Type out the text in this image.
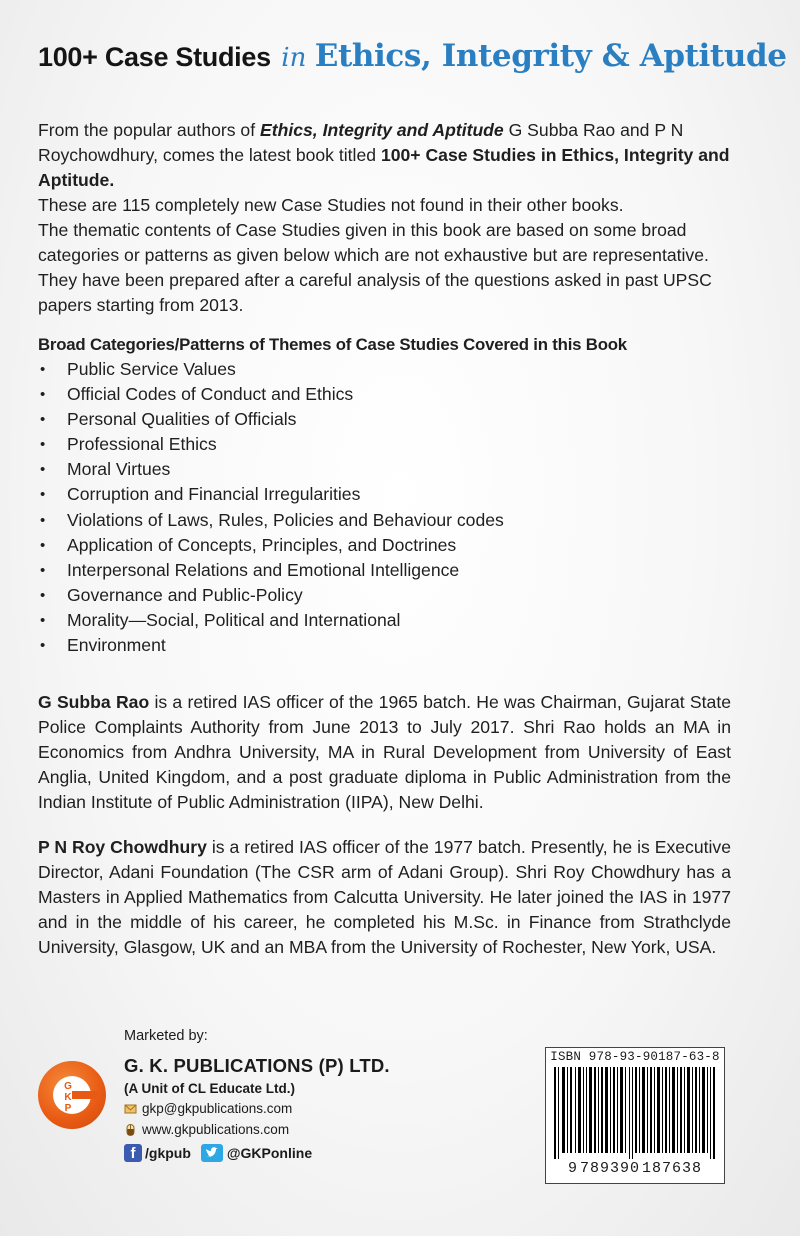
100+ Case Studies in Ethics, Integrity & Aptitude

From the popular authors of Ethics, Integrity and Aptitude G Subba Rao and P N Roychowdhury, comes the latest book titled 100+ Case Studies in Ethics, Integrity and Aptitude.

These are 115 completely new Case Studies not found in their other books.

The thematic contents of Case Studies given in this book are based on some broad categories or patterns as given below which are not exhaustive but are representative. They have been prepared after a careful analysis of the questions asked in past UPSC papers starting from 2013.

Broad Categories/Patterns of Themes of Case Studies Covered in this Book

• Public Service Values
• Official Codes of Conduct and Ethics
• Personal Qualities of Officials
• Professional Ethics
• Moral Virtues
• Corruption and Financial Irregularities
• Violations of Laws, Rules, Policies and Behaviour codes
• Application of Concepts, Principles, and Doctrines
• Interpersonal Relations and Emotional Intelligence
• Governance and Public-Policy
• Morality—Social, Political and International
• Environment
G Subba Rao is a retired IAS officer of the 1965 batch. He was Chairman, Gujarat State Police Complaints Authority from June 2013 to July 2017. Shri Rao holds an MA in Economics from Andhra University, MA in Rural Development from University of East Anglia, United Kingdom, and a post graduate diploma in Public Administration from the Indian Institute of Public Administration (IIPA), New Delhi.
P N Roy Chowdhury is a retired IAS officer of the 1977 batch. Presently, he is Executive Director, Adani Foundation (The CSR arm of Adani Group). Shri Roy Chowdhury has a Masters in Applied Mathematics from Calcutta University. He later joined the IAS in 1977 and in the middle of his career, he completed his M.Sc. in Finance from Strathclyde University, Glasgow, UK and an MBA from the University of Rochester, New York, USA.
Marketed by:
G
K
P
G. K. PUBLICATIONS (P) LTD.
(A Unit of CL Educate Ltd.)
gkp@gkpublications.com
www.gkpublications.com
f /gkpub	@GKPonline
ISBN 978-93-90187-63-8
9 789390 187638
